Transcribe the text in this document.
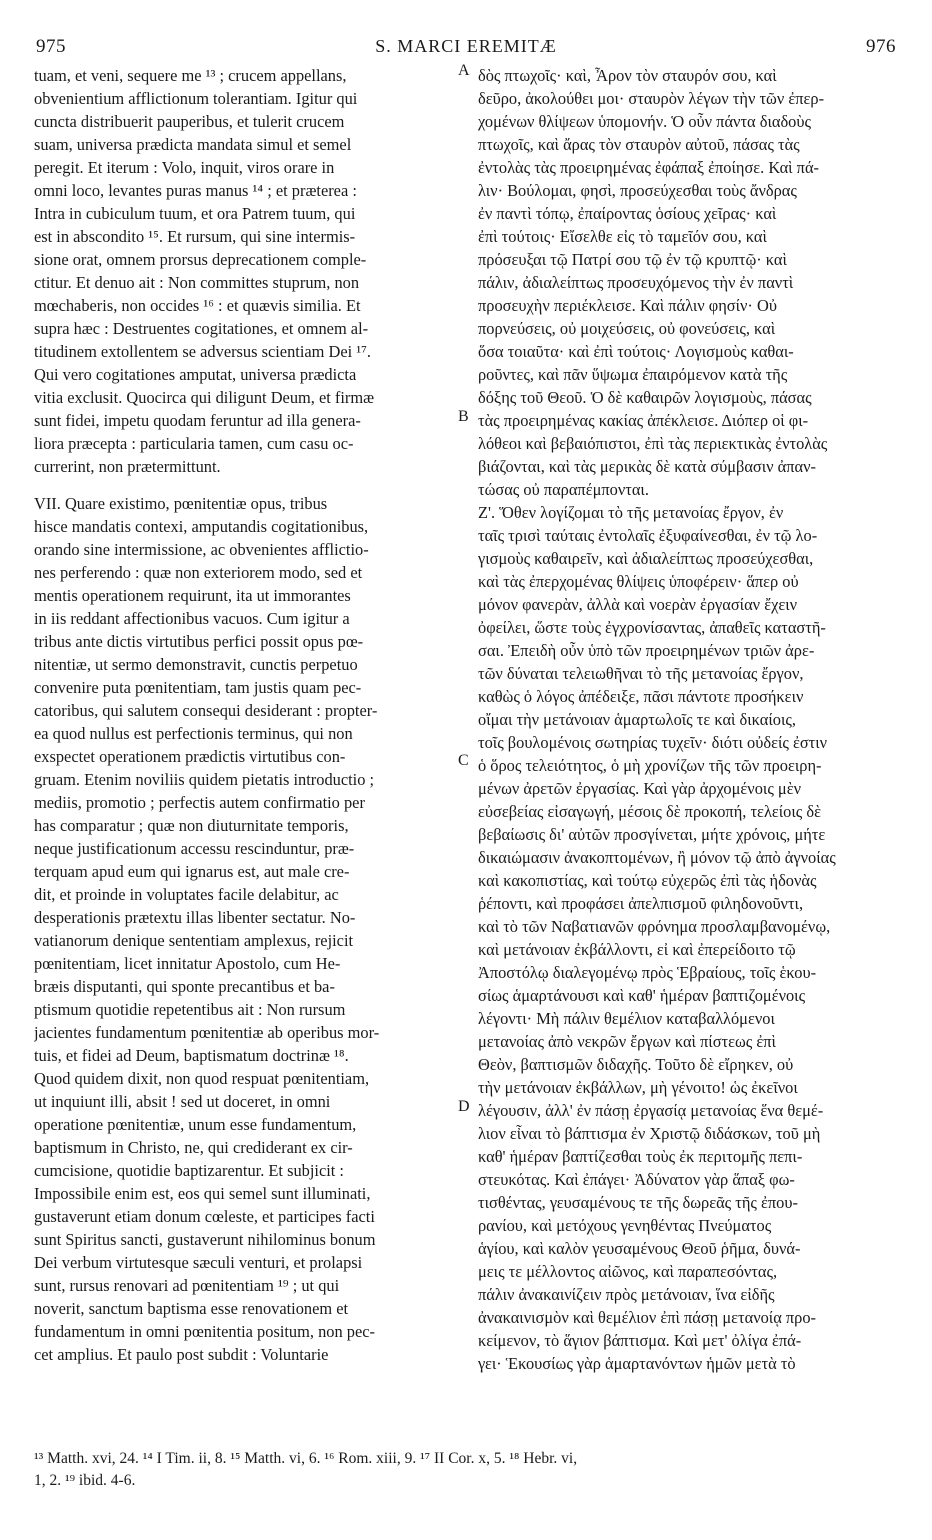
975	S. MARCI EREMITÆ	976
tuam, et veni, sequere me ¹³ ; crucem appellans,
obvenientium afflictionum tolerantiam. Igitur qui
cuncta distribuerit pauperibus, et tulerit crucem
suam, universa prædicta mandata simul et semel
peregit. Et iterum : Volo, inquit, viros orare in
omni loco, levantes puras manus ¹⁴ ; et præterea :
Intra in cubiculum tuum, et ora Patrem tuum, qui
est in abscondito ¹⁵. Et rursum, qui sine intermis-
sione orat, omnem prorsus deprecationem comple-
ctitur. Et denuo ait : Non committes stuprum, non
mœchaberis, non occides ¹⁶ : et quævis similia. Et
supra hæc : Destruentes cogitationes, et omnem al-
titudinem extollentem se adversus scientiam Dei ¹⁷.
Qui vero cogitationes amputat, universa prædicta
vitia exclusit. Quocirca qui diligunt Deum, et firmæ
sunt fidei, impetu quodam feruntur ad illa genera-
liora præcepta : particularia tamen, cum casu oc-
currerint, non prætermittunt.
VII. Quare existimo, pœnitentiæ opus, tribus
hisce mandatis contexi, amputandis cogitationibus,
orando sine intermissione, ac obvenientes afflictio-
nes perferendo : quæ non exteriorem modo, sed et
mentis operationem requirunt, ita ut immorantes
in iis reddant affectionibus vacuos. Cum igitur a
tribus ante dictis virtutibus perfici possit opus pœ-
nitentiæ, ut sermo demonstravit, cunctis perpetuo
convenire puta pœnitentiam, tam justis quam pec-
catoribus, qui salutem consequi desiderant : propter-
ea quod nullus est perfectionis terminus, qui non
exspectet operationem prædictis virtutibus con-
gruam. Etenim noviliis quidem pietatis introductio ;
mediis, promotio ; perfectis autem confirmatio per
has comparatur ; quæ non diuturnitate temporis,
neque justificationum accessu rescinduntur, præ-
terquam apud eum qui ignarus est, aut male cre-
dit, et proinde in voluptates facile delabitur, ac
desperationis prætextu illas libenter sectatur. No-
vatianorum denique sententiam amplexus, rejicit
pœnitentiam, licet innitatur Apostolo, cum He-
bræis disputanti, qui sponte precantibus et ba-
ptismum quotidie repetentibus ait : Non rursum
jacientes fundamentum pœnitentiæ ab operibus mor-
tuis, et fidei ad Deum, baptismatum doctrinæ ¹⁸.
Quod quidem dixit, non quod respuat pœnitentiam,
ut inquiunt illi, absit ! sed ut doceret, in omni
operatione pœnitentiæ, unum esse fundamentum,
baptismum in Christo, ne, qui crediderant ex cir-
cumcisione, quotidie baptizarentur. Et subjicit :
Impossibile enim est, eos qui semel sunt illuminati,
gustaverunt etiam donum cœleste, et participes facti
sunt Spiritus sancti, gustaverunt nihilominus bonum
Dei verbum virtutesque sæculi venturi, et prolapsi
sunt, rursus renovari ad pœnitentiam ¹⁹ ; ut qui
noverit, sanctum baptisma esse renovationem et
fundamentum in omni pœnitentia positum, non pec-
cet amplius. Et paulo post subdit : Voluntarie
δὸς πτωχοῖς· καὶ, Ἆρον τὸν σταυρόν σου, καὶ
δεῦρο, ἀκολούθει μοι· σταυρὸν λέγων τὴν τῶν ἐπερ-
χομένων θλίψεων ὑπομονήν. Ὁ οὖν πάντα διαδοὺς
πτωχοῖς, καὶ ἄρας τὸν σταυρὸν αὐτοῦ, πάσας τὰς
ἐντολὰς τὰς προειρημένας ἐφάπαξ ἐποίησε. Καὶ πά-
λιν· Βούλομαι, φησὶ, προσεύχεσθαι τοὺς ἄνδρας
ἐν παντὶ τόπῳ, ἐπαίροντας ὁσίους χεῖρας· καὶ
ἐπὶ τούτοις· Εἴσελθε εἰς τὸ ταμεῖόν σου, καὶ
πρόσευξαι τῷ Πατρί σου τῷ ἐν τῷ κρυπτῷ· καὶ
πάλιν, ἀδιαλείπτως προσευχόμενος τὴν ἐν παντὶ
προσευχὴν περιέκλεισε. Καὶ πάλιν φησίν· Οὐ
πορνεύσεις, οὐ μοιχεύσεις, οὐ φονεύσεις, καὶ
ὅσα τοιαῦτα· καὶ ἐπὶ τούτοις· Λογισμοὺς καθαι-
ροῦντες, καὶ πᾶν ὕψωμα ἐπαιρόμενον κατὰ τῆς
δόξης τοῦ Θεοῦ. Ὁ δὲ καθαιρῶν λογισμοὺς, πάσας
τὰς προειρημένας κακίας ἀπέκλεισε. Διόπερ οἱ φι-
λόθεοι καὶ βεβαιόπιστοι, ἐπὶ τὰς περιεκτικὰς ἐντολὰς
βιάζονται, καὶ τὰς μερικὰς δὲ κατὰ σύμβασιν ἀπαν-
τώσας οὐ παραπέμπονται.
Ζ'. Ὅθεν λογίζομαι τὸ τῆς μετανοίας ἔργον, ἐν
ταῖς τρισὶ ταύταις ἐντολαῖς ἐξυφαίνεσθαι, ἐν τῷ λο-
γισμοὺς καθαιρεῖν, καὶ ἀδιαλείπτως προσεύχεσθαι,
καὶ τὰς ἐπερχομένας θλίψεις ὑποφέρειν· ἅπερ οὐ
μόνον φανερὰν, ἀλλὰ καὶ νοερὰν ἐργασίαν ἔχειν
ὀφείλει, ὥστε τοὺς ἐγχρονίσαντας, ἀπαθεῖς καταστῆ-
σαι. Ἐπειδὴ οὖν ὑπὸ τῶν προειρημένων τριῶν ἀρε-
τῶν δύναται τελειωθῆναι τὸ τῆς μετανοίας ἔργον,
καθὼς ὁ λόγος ἀπέδειξε, πᾶσι πάντοτε προσήκειν
οἴμαι τὴν μετάνοιαν ἁμαρτωλοῖς τε καὶ δικαίοις,
τοῖς βουλομένοις σωτηρίας τυχεῖν· διότι οὐδείς ἐστιν
ὁ ὅρος τελειότητος, ὁ μὴ χρονίζων τῆς τῶν προειρη-
μένων ἀρετῶν ἐργασίας. Καὶ γὰρ ἀρχομένοις μὲν
εὐσεβείας εἰσαγωγή, μέσοις δὲ προκοπή, τελείοις δὲ
βεβαίωσις δι' αὐτῶν προσγίνεται, μήτε χρόνοις, μήτε
δικαιώμασιν ἀνακοπτομένων, ἢ μόνον τῷ ἀπὸ ἀγνοίας
καὶ κακοπιστίας, καὶ τούτῳ εὐχερῶς ἐπὶ τὰς ἡδονὰς
ῥέποντι, καὶ προφάσει ἀπελπισμοῦ φιληδονοῦντι,
καὶ τὸ τῶν Ναβατιανῶν φρόνημα προσλαμβανομένῳ,
καὶ μετάνοιαν ἐκβάλλοντι, εἰ καὶ ἐπερείδοιτο τῷ
Ἀποστόλῳ διαλεγομένῳ πρὸς Ἑβραίους, τοῖς ἑκου-
σίως ἁμαρτάνουσι καὶ καθ' ἡμέραν βαπτιζομένοις
λέγοντι· Μὴ πάλιν θεμέλιον καταβαλλόμενοι
μετανοίας ἀπὸ νεκρῶν ἔργων καὶ πίστεως ἐπὶ
Θεὸν, βαπτισμῶν διδαχῆς. Τοῦτο δὲ εἴρηκεν, οὐ
τὴν μετάνοιαν ἐκβάλλων, μὴ γένοιτο! ὡς ἐκεῖνοι
λέγουσιν, ἀλλ' ἐν πάσῃ ἐργασίᾳ μετανοίας ἕνα θεμέ-
λιον εἶναι τὸ βάπτισμα ἐν Χριστῷ διδάσκων, τοῦ μὴ
καθ' ἡμέραν βαπτίζεσθαι τοὺς ἐκ περιτομῆς πεπι-
στευκότας. Καὶ ἐπάγει· Ἀδύνατον γὰρ ἅπαξ φω-
τισθέντας, γευσαμένους τε τῆς δωρεᾶς τῆς ἐπου-
ρανίου, καὶ μετόχους γενηθέντας Πνεύματος
ἁγίου, καὶ καλὸν γευσαμένους Θεοῦ ῥῆμα, δυνά-
μεις τε μέλλοντος αἰῶνος, καὶ παραπεσόντας,
πάλιν ἀνακαινίζειν πρὸς μετάνοιαν, ἵνα εἰδῆς
ἀνακαινισμὸν καὶ θεμέλιον ἐπὶ πάσῃ μετανοίᾳ πρo-
κείμενον, τὸ ἅγιον βάπτισμα. Καὶ μετ' ὀλίγα ἐπά-
γει· Ἑκουσίως γὰρ ἁμαρτανόντων ἡμῶν μετὰ τὸ
A
B
C
D
¹³ Matth. xvi, 24. ¹⁴ I Tim. ii, 8. ¹⁵ Matth. vi, 6. ¹⁶ Rom. xiii, 9. ¹⁷ II Cor. x, 5. ¹⁸ Hebr. vi,
1, 2. ¹⁹ ibid. 4-6.
